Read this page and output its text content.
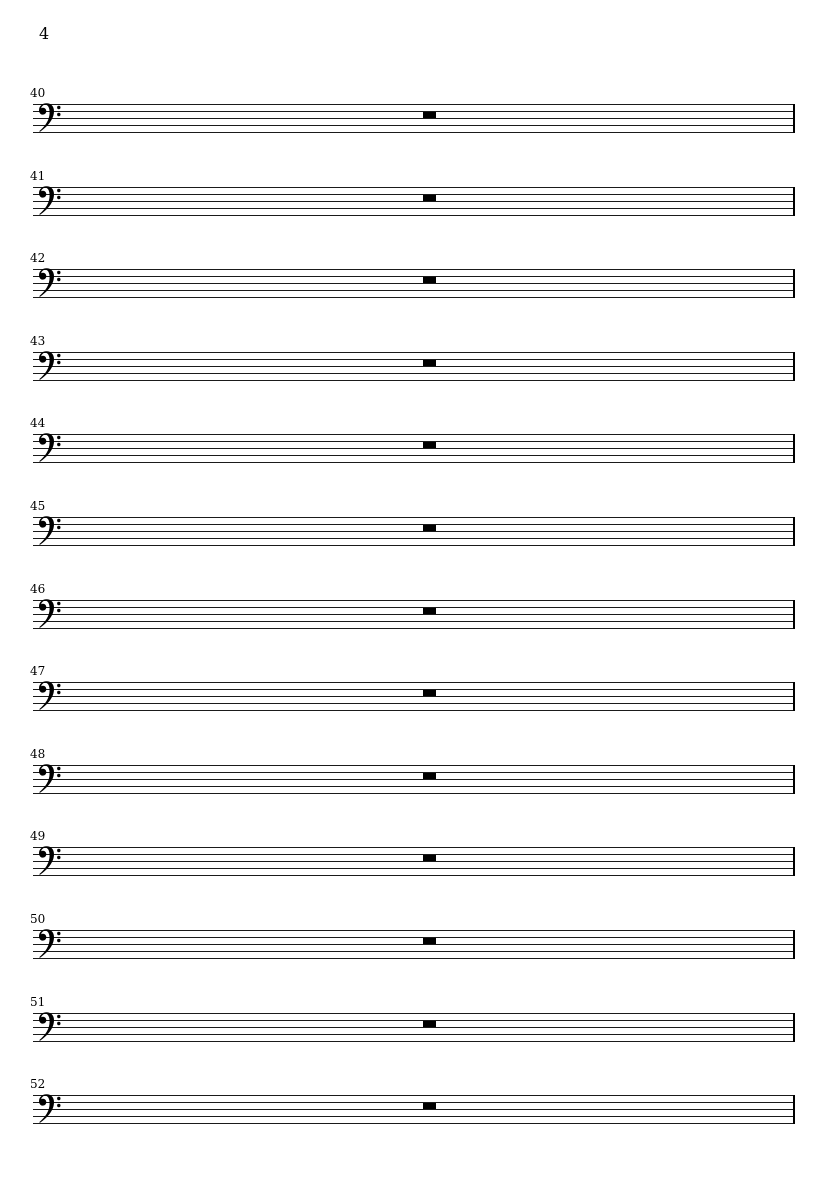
4
40
41
42
43
44
45
46
47
48
49
50
51
52
